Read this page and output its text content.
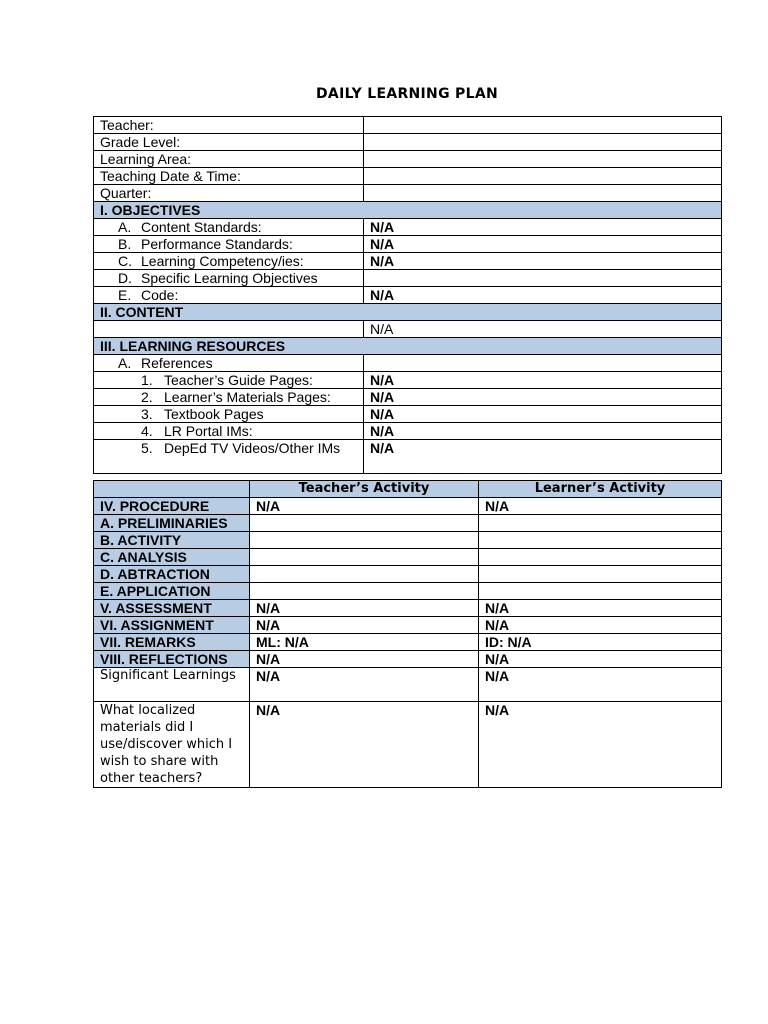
DAILY LEARNING PLAN
Teacher:	
Grade Level:	
Learning Area:	
Teaching Date & Time:	
Quarter:	
I. OBJECTIVES	
A. Content Standards:	N/A
B. Performance Standards:	N/A
C. Learning Competency/ies:	N/A
D. Specific Learning Objectives	
E. Code:	N/A
II. CONTENT	
	N/A
III. LEARNING RESOURCES	
A. References	
1. Teacher’s Guide Pages:	N/A
2. Learner’s Materials Pages:	N/A
3. Textbook Pages	N/A
4. LR Portal IMs:	N/A

5. DepEd TV Videos/Other IMs	N/A
	Teacher’s Activity	Learner’s Activity
IV. PROCEDURE	N/A	N/A
A. PRELIMINARIES		
B. ACTIVITY		
C. ANALYSIS		
D. ABTRACTION		
E. APPLICATION		
V. ASSESSMENT	N/A	N/A
VI. ASSIGNMENT	N/A	N/A
VII. REMARKS	ML: N/A	ID: N/A
VIII. REFLECTIONS	N/A	N/A
Significant Learnings	N/A	N/A
What localized materials did I use/discover which I wish to share with other teachers?	N/A	N/A
